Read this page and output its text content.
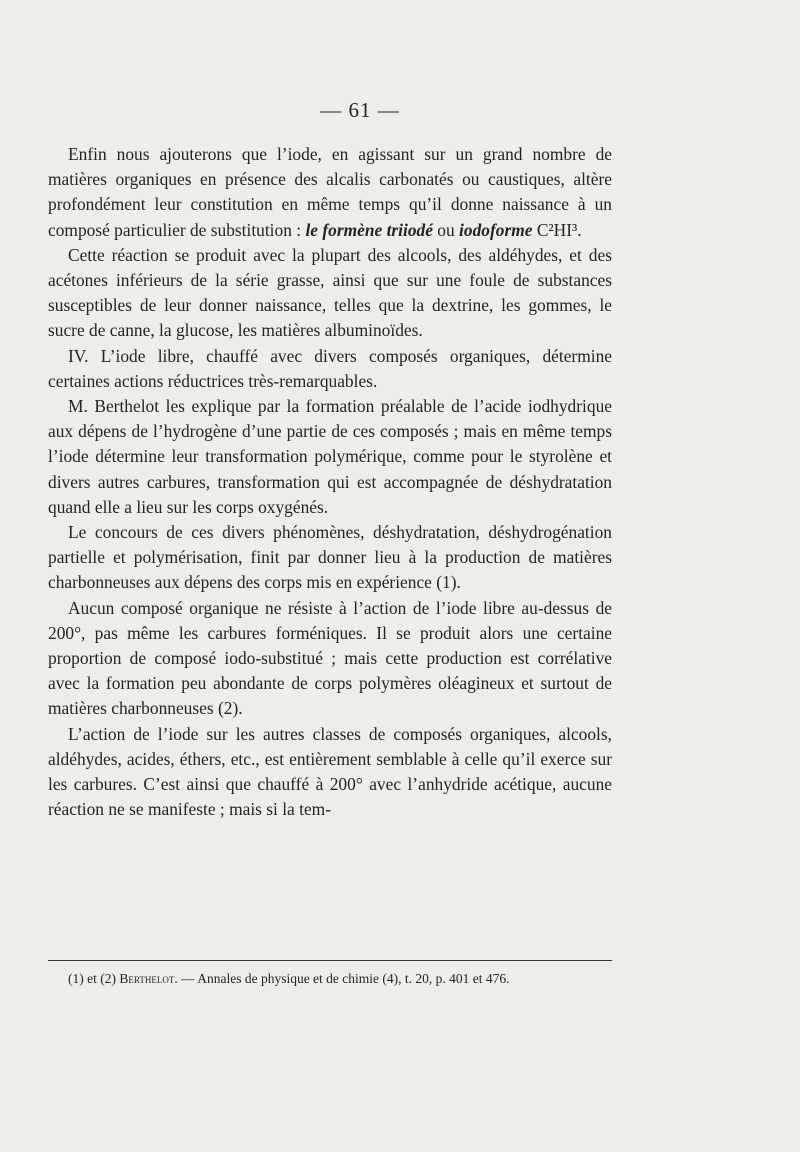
— 61 —

Enfin nous ajouterons que l’iode, en agissant sur un grand nombre de matières organiques en présence des alcalis carbonatés ou caustiques, altère profondément leur constitution en même temps qu’il donne naissance à un composé particulier de substitution : le formène triiodé ou iodoforme C²HI³.

Cette réaction se produit avec la plupart des alcools, des aldéhydes, et des acétones inférieurs de la série grasse, ainsi que sur une foule de substances susceptibles de leur donner naissance, telles que la dextrine, les gommes, le sucre de canne, la glucose, les matières albuminoïdes.

IV. L’iode libre, chauffé avec divers composés organiques, détermine certaines actions réductrices très-remarquables.

M. Berthelot les explique par la formation préalable de l’acide iodhydrique aux dépens de l’hydrogène d’une partie de ces composés ; mais en même temps l’iode détermine leur transformation polymérique, comme pour le styrolène et divers autres carbures, transformation qui est accompagnée de déshydratation quand elle a lieu sur les corps oxygénés.

Le concours de ces divers phénomènes, déshydratation, déshydrogénation partielle et polymérisation, finit par donner lieu à la production de matières charbonneuses aux dépens des corps mis en expérience (1).

Aucun composé organique ne résiste à l’action de l’iode libre au-dessus de 200°, pas même les carbures forméniques. Il se produit alors une certaine proportion de composé iodo-substitué ; mais cette production est corrélative avec la formation peu abondante de corps polymères oléagineux et surtout de matières charbonneuses (2).

L’action de l’iode sur les autres classes de composés organiques, alcools, aldéhydes, acides, éthers, etc., est entièrement semblable à celle qu’il exerce sur les carbures. C’est ainsi que chauffé à 200° avec l’anhydride acétique, aucune réaction ne se manifeste ; mais si la tem-

(1) et (2) Berthelot. — Annales de physique et de chimie (4), t. 20, p. 401 et 476.
